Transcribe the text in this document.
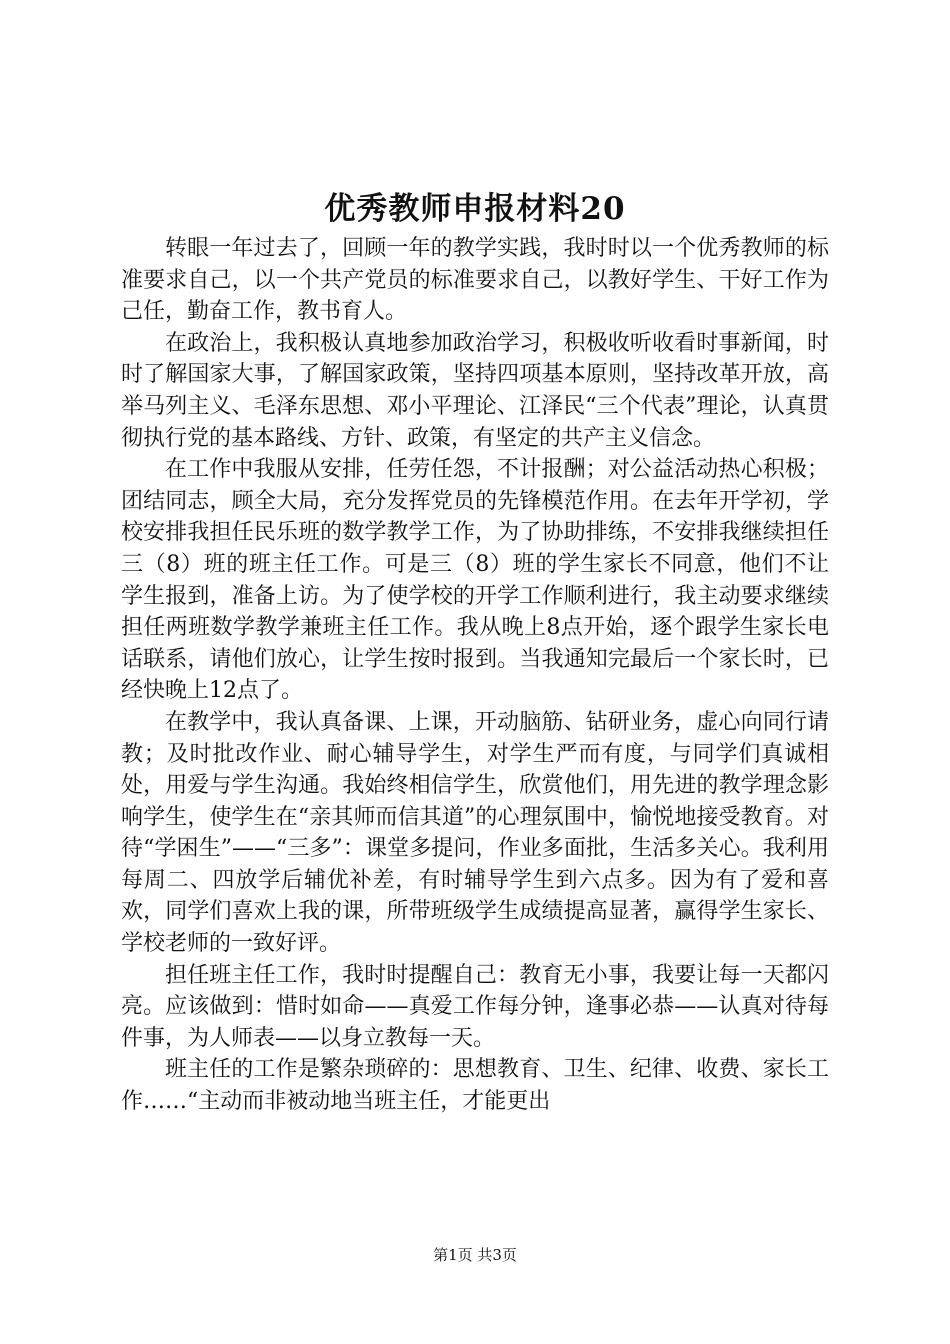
优秀教师申报材料20

转眼一年过去了，回顾一年的教学实践，我时时以一个优秀教师的标准要求自己，以一个共产党员的标准要求自己，以教好学生、干好工作为己任，勤奋工作，教书育人。

在政治上，我积极认真地参加政治学习，积极收听收看时事新闻，时时了解国家大事，了解国家政策，坚持四项基本原则，坚持改革开放，高举马列主义、毛泽东思想、邓小平理论、江泽民“三个代表”理论，认真贯彻执行党的基本路线、方针、政策，有坚定的共产主义信念。

在工作中我服从安排，任劳任怨，不计报酬；对公益活动热心积极；团结同志，顾全大局，充分发挥党员的先锋模范作用。在去年开学初，学校安排我担任民乐班的数学教学工作，为了协助排练，不安排我继续担任三（8）班的班主任工作。可是三（8）班的学生家长不同意，他们不让学生报到，准备上访。为了使学校的开学工作顺利进行，我主动要求继续担任两班数学教学兼班主任工作。我从晚上8点开始，逐个跟学生家长电话联系，请他们放心，让学生按时报到。当我通知完最后一个家长时，已经快晚上12点了。

在教学中，我认真备课、上课，开动脑筋、钻研业务，虚心向同行请教；及时批改作业、耐心辅导学生，对学生严而有度，与同学们真诚相处，用爱与学生沟通。我始终相信学生，欣赏他们，用先进的教学理念影响学生，使学生在“亲其师而信其道”的心理氛围中，愉悦地接受教育。对待“学困生”——“三多”：课堂多提问，作业多面批，生活多关心。我利用每周二、四放学后辅优补差，有时辅导学生到六点多。因为有了爱和喜欢，同学们喜欢上我的课，所带班级学生成绩提高显著，赢得学生家长、学校老师的一致好评。

担任班主任工作，我时时提醒自己：教育无小事，我要让每一天都闪亮。应该做到：惜时如命——真爱工作每分钟，逢事必恭——认真对待每件事，为人师表——以身立教每一天。

班主任的工作是繁杂琐碎的：思想教育、卫生、纪律、收费、家长工作……“主动而非被动地当班主任，才能更出

第1页 共3页
